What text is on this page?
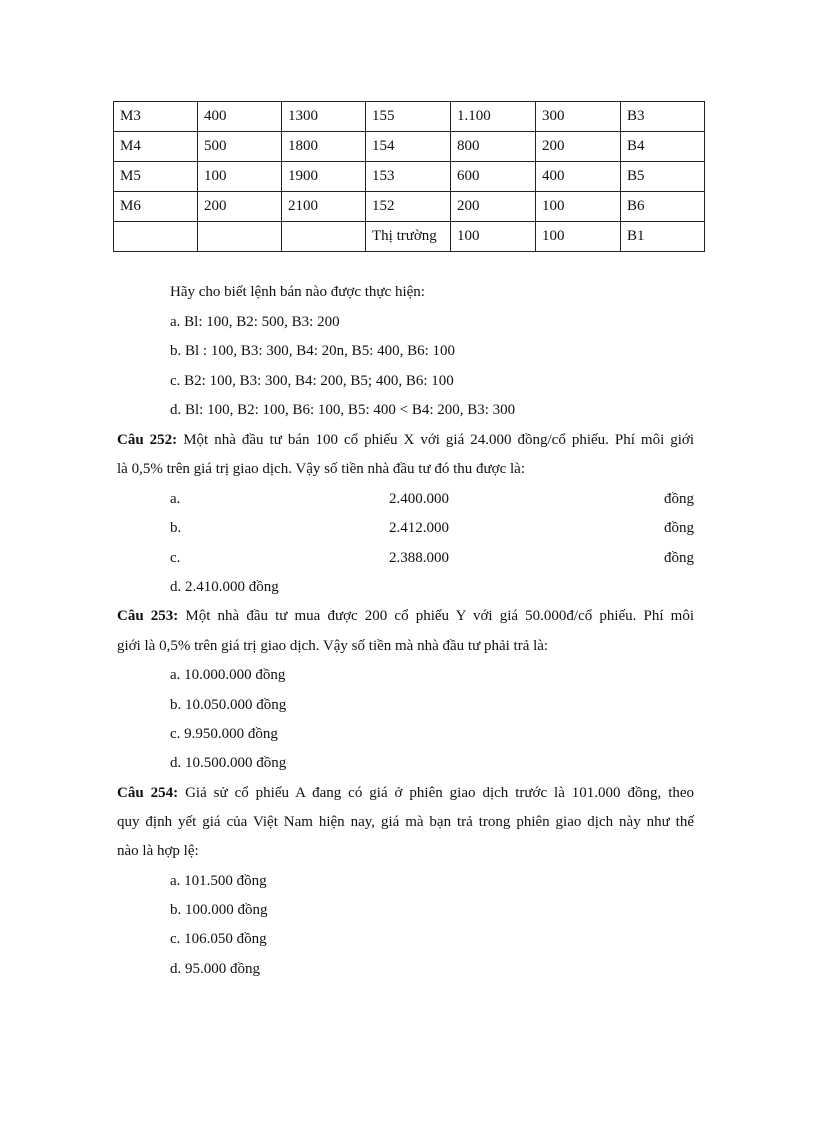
M3	400	1300	155	1.100	300	B3
M4	500	1800	154	800	200	B4
M5	100	1900	153	600	400	B5
M6	200	2100	152	200	100	B6
			Thị trường	100	100	B1
Hãy cho biết lệnh bán nào được thực hiện:
a. Bl: 100, B2: 500, B3: 200
b. Bl : 100, B3: 300, B4: 20n, B5: 400, B6: 100
c. B2: 100, B3: 300, B4: 200, B5; 400, B6: 100
d. Bl: 100, B2: 100, B6: 100, B5: 400 < B4: 200, B3: 300
Câu 252: Một nhà đầu tư bán 100 cổ phiếu X với giá 24.000 đồng/cổ phiếu. Phí môi giới
là 0,5% trên giá trị giao dịch. Vậy số tiền nhà đầu tư đó thu được là:
a.	2.400.000	đồng
b.	2.412.000	đồng
c.	2.388.000	đồng
d. 2.410.000 đồng
Câu 253: Một nhà đầu tư mua được 200 cổ phiếu Y với giá 50.000đ/cổ phiếu. Phí môi
giới là 0,5% trên giá trị giao dịch. Vậy số tiền mà nhà đầu tư phải trả là:
a. 10.000.000 đồng
b. 10.050.000 đồng
c. 9.950.000 đồng
d. 10.500.000 đồng
Câu 254: Giả sử cổ phiếu A đang có giá ở phiên giao dịch trước là 101.000 đồng, theo
quy định yết giá của Việt Nam hiện nay, giá mà bạn trả trong phiên giao dịch này như thế
nào là hợp lệ:
a. 101.500 đồng
b. 100.000 đồng
c. 106.050 đồng
d. 95.000 đồng
